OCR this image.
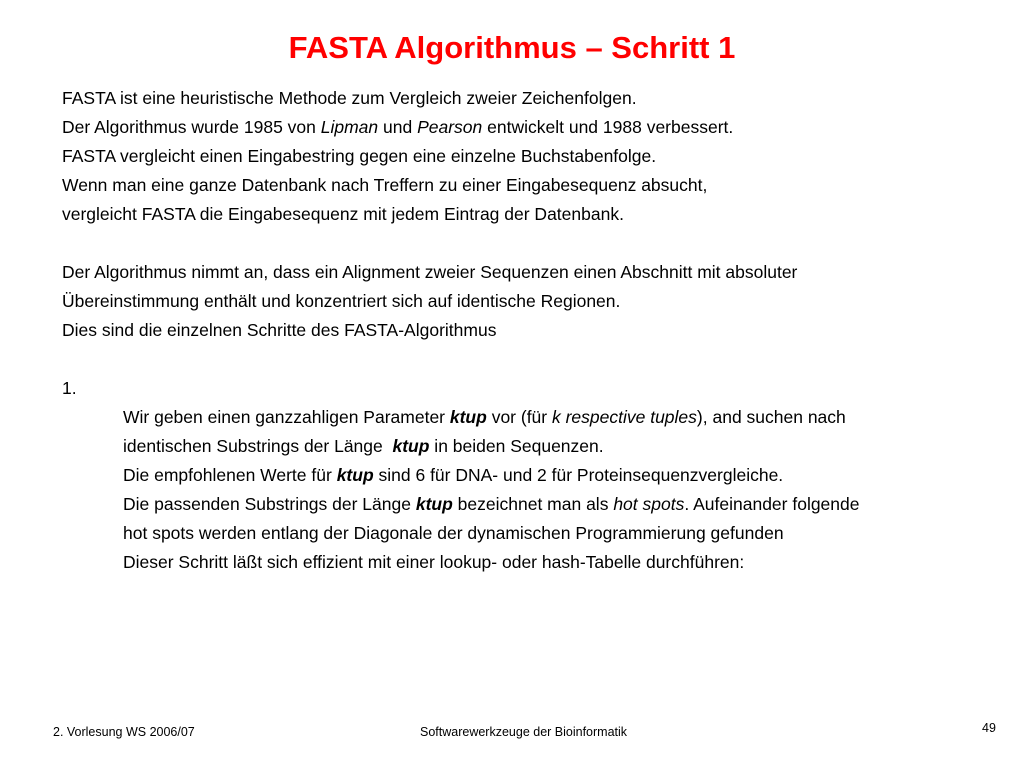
FASTA Algorithmus – Schritt 1
FASTA ist eine heuristische Methode zum Vergleich zweier Zeichenfolgen.
Der Algorithmus wurde 1985 von Lipman und Pearson entwickelt und 1988 verbessert.
FASTA vergleicht einen Eingabestring gegen eine einzelne Buchstabenfolge.
Wenn man eine ganze Datenbank nach Treffern zu einer Eingabesequenz absucht,
vergleicht FASTA die Eingabesequenz mit jedem Eintrag der Datenbank.
Der Algorithmus nimmt an, dass ein Alignment zweier Sequenzen einen Abschnitt mit absoluter
Übereinstimmung enthält und konzentriert sich auf identische Regionen.
Dies sind die einzelnen Schritte des FASTA-Algorithmus
1.
Wir geben einen ganzzahligen Parameter ktup vor (für k respective tuples), and suchen nach
identischen Substrings der Länge  ktup in beiden Sequenzen.
Die empfohlenen Werte für ktup sind 6 für DNA- und 2 für Proteinsequenzvergleiche.
Die passenden Substrings der Länge ktup bezeichnet man als hot spots. Aufeinander folgende
hot spots werden entlang der Diagonale der dynamischen Programmierung gefunden
Dieser Schritt läßt sich effizient mit einer lookup- oder hash-Tabelle durchführen:
2. Vorlesung WS 2006/07	Softwarewerkzeuge der Bioinformatik	49
